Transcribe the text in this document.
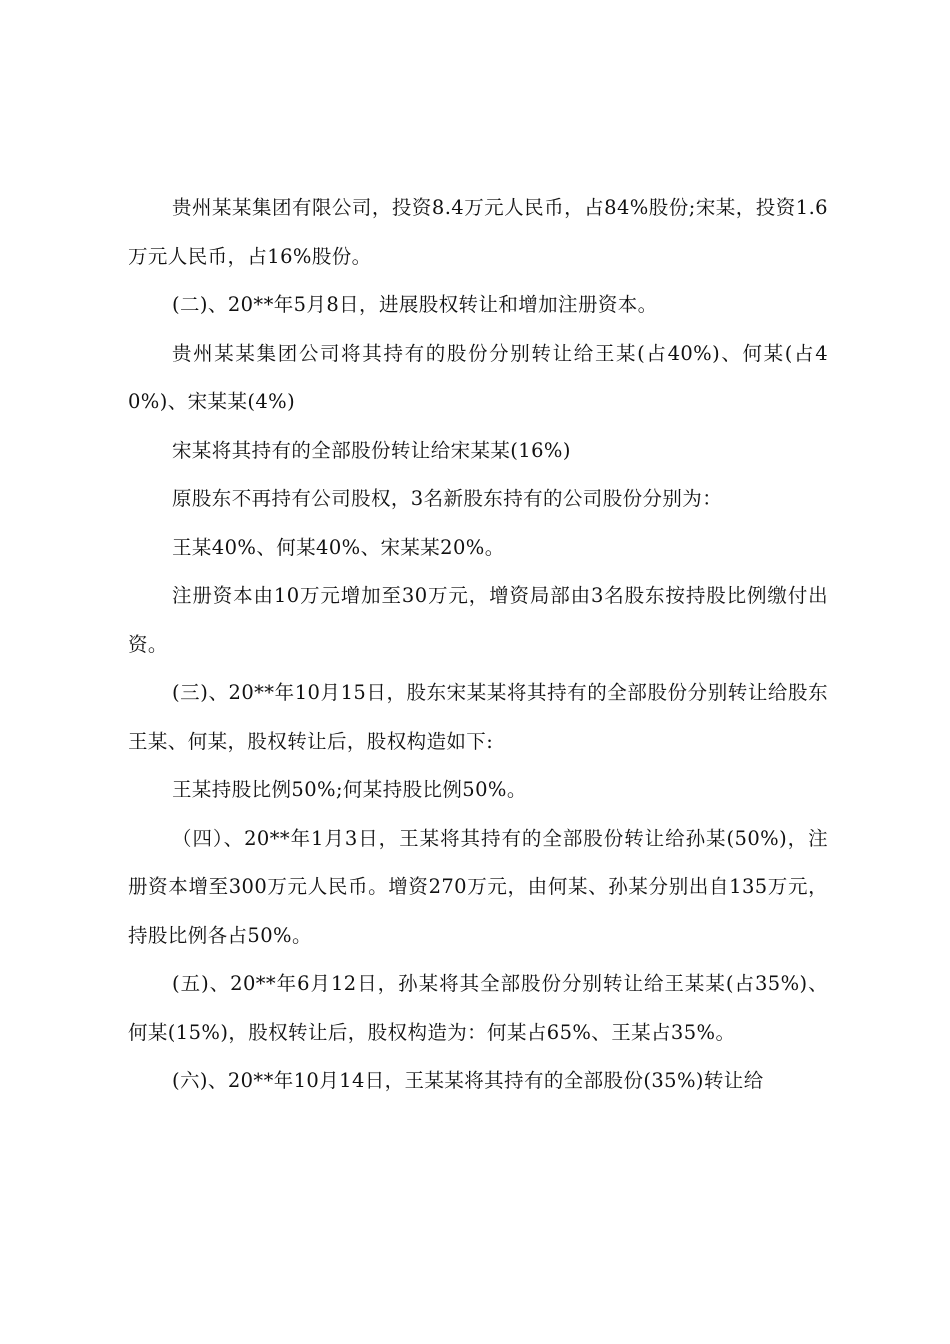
贵州某某集团有限公司，投资8.4万元人民币，占84%股份;宋某，投资1.6万元人民币，占16%股份。

(二)、20**年5月8日，进展股权转让和增加注册资本。

贵州某某集团公司将其持有的股份分别转让给王某(占40%)、何某(占40%)、宋某某(4%)

宋某将其持有的全部股份转让给宋某某(16%)

原股东不再持有公司股权，3名新股东持有的公司股份分别为：

王某40%、何某40%、宋某某20%。

注册资本由10万元增加至30万元，增资局部由3名股东按持股比例缴付出资。

(三)、20**年10月15日，股东宋某某将其持有的全部股份分别转让给股东王某、何某，股权转让后，股权构造如下:

王某持股比例50%;何某持股比例50%。

（四）、20**年1月3日，王某将其持有的全部股份转让给孙某(50%)，注册资本增至300万元人民币。增资270万元，由何某、孙某分别出自135万元，持股比例各占50%。

(五)、20**年6月12日，孙某将其全部股份分别转让给王某某(占35%)、何某(15%)，股权转让后，股权构造为：何某占65%、王某占35%。

(六)、20**年10月14日，王某某将其持有的全部股份(35%)转让给
